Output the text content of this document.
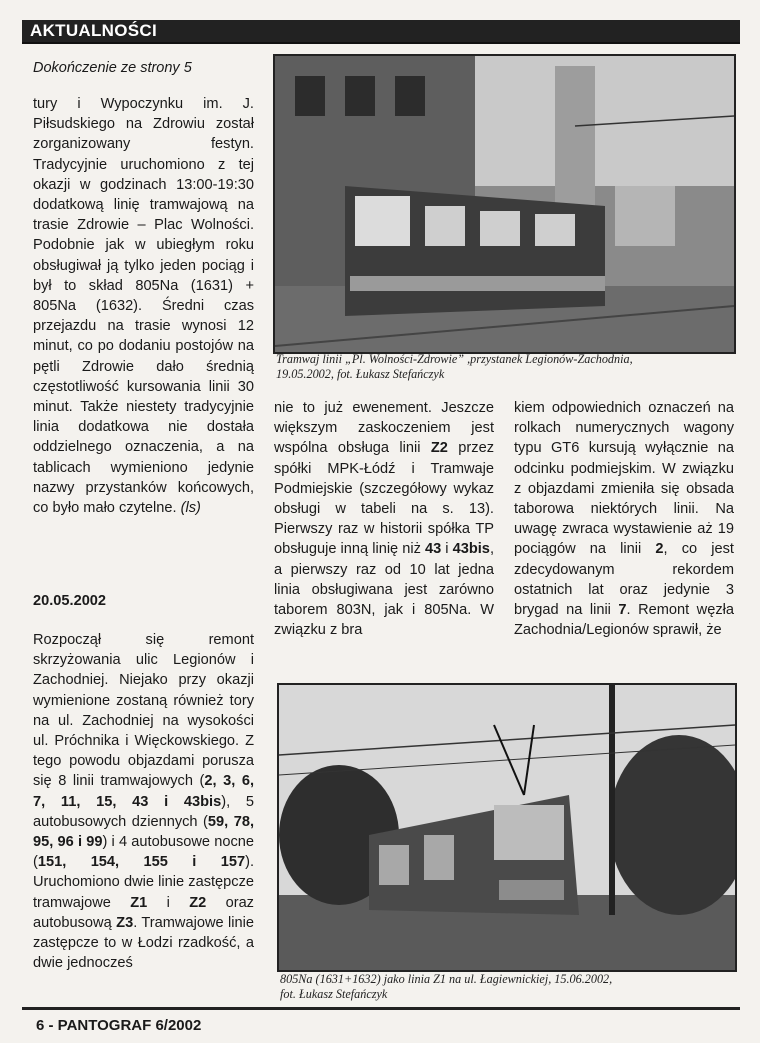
AKTUALNOŚCI
Dokończenie ze strony 5
tury i Wypoczynku im. J. Piłsudskiego na Zdrowiu został zorganizowany festyn. Tradycyjnie uruchomiono z tej okazji w godzinach 13:00-19:30 dodatkową linię tramwajową na trasie Zdrowie – Plac Wolności. Podobnie jak w ubiegłym roku obsługiwał ją tylko jeden pociąg i był to skład 805Na (1631) + 805Na (1632). Średni czas przejazdu na trasie wynosi 12 minut, co po dodaniu postojów na pętli Zdrowie dało średnią częstotliwość kursowania linii 30 minut. Także niestety tradycyjnie linia dodatkowa nie dostała oddzielnego oznaczenia, a na tablicach wymieniono jedynie nazwy przystanków końcowych, co było mało czytelne. (ls)
20.05.2002
Rozpoczął się remont skrzyżowania ulic Legionów i Zachodniej. Niejako przy okazji wymienione zostaną również tory na ul. Zachodniej na wysokości ul. Próchnika i Więckowskiego. Z tego powodu objazdami porusza się 8 linii tramwajowych (2, 3, 6, 7, 11, 15, 43 i 43bis), 5 autobusowych dziennych (59, 78, 95, 96 i 99) i 4 autobusowe nocne (151, 154, 155 i 157). Uruchomiono dwie linie zastępcze tramwajowe Z1 i Z2 oraz autobusową Z3. Tramwajowe linie zastępcze to w Łodzi rzadkość, a dwie jednocześ
nie to już ewenement. Jeszcze większym zaskoczeniem jest wspólna obsługa linii Z2 przez spółki MPK-Łódź i Tramwaje Podmiejskie (szczegółowy wykaz obsługi w tabeli na s. 13). Pierwszy raz w historii spółka TP obsługuje inną linię niż 43 i 43bis, a pierwszy raz od 10 lat jedna linia obsługiwana jest zarówno taborem 803N, jak i 805Na. W związku z bra
kiem odpowiednich oznaczeń na rolkach numerycznych wagony typu GT6 kursują wyłącznie na odcinku podmiejskim. W związku z objazdami zmieniła się obsada taborowa niektórych linii. Na uwagę zwraca wystawienie aż 19 pociągów na linii 2, co jest zdecydowanym rekordem ostatnich lat oraz jedynie 3 brygad na linii 7. Remont węzła Zachodnia/Legionów sprawił, że
Tramwaj linii „Pl. Wolności-Zdrowie” ,przystanek Legionów-Zachodnia,
19.05.2002, fot. Łukasz Stefańczyk
805Na (1631+1632) jako linia Z1 na ul. Łagiewnickiej, 15.06.2002,
fot. Łukasz Stefańczyk
6 - PANTOGRAF 6/2002
